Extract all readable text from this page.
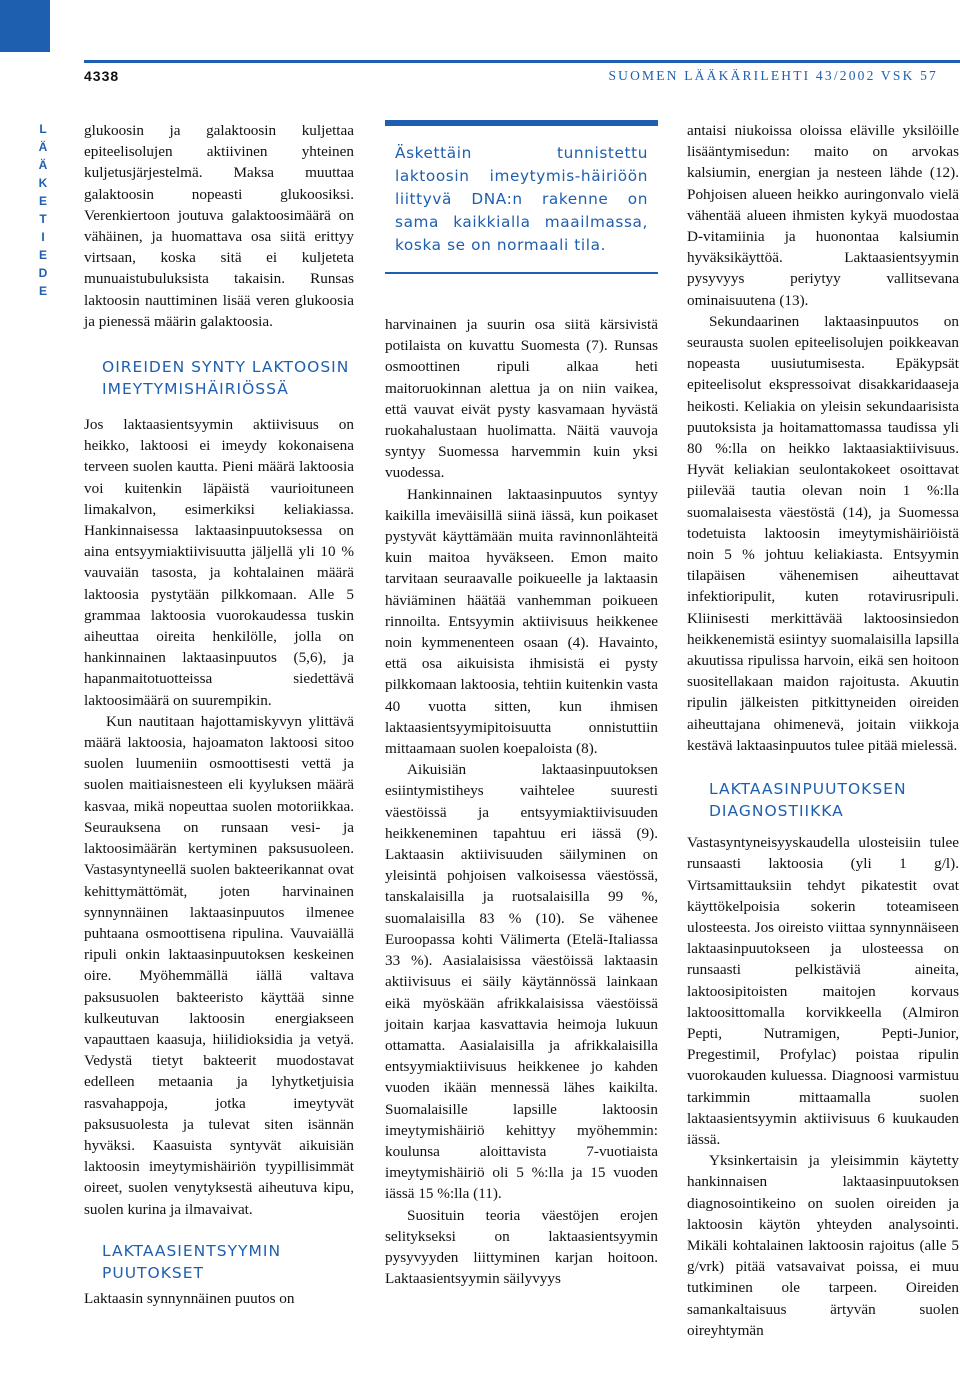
4338	SUOMEN LÄÄKÄRILEHTI 43/2002 VSK 57
L
Ä
Ä
K
E
T
I
E
D
E

glukoosin ja galaktoosin kuljettaa epiteelisolujen aktiivinen yhteinen kuljetusjärjestelmä. Maksa muuttaa galaktoosin nopeasti glukoosiksi. Verenkiertoon joutuva galaktoosimäärä on vähäinen, ja huomattava osa siitä erittyy virtsaan, koska sitä ei kuljeteta munuaistubuluksista takaisin. Runsas laktoosin nauttiminen lisää veren glukoosia ja pienessä määrin galaktoosia.

OIREIDEN SYNTY LAKTOOSIN IMEYTYMISHÄIRIÖSSÄ

Jos laktaasientsyymin aktiivisuus on heikko, laktoosi ei imeydy kokonaisena terveen suolen kautta. Pieni määrä laktoosia voi kuitenkin läpäistä vaurioituneen limakalvon, esimerkiksi keliakiassa. Hankinnaisessa laktaasinpuutoksessa on aina entsyymiaktiivisuutta jäljellä yli 10 % vauvaiän tasosta, ja kohtalainen määrä laktoosia pystytään pilkkomaan. Alle 5 grammaa laktoosia vuorokaudessa tuskin aiheuttaa oireita henkilölle, jolla on hankinnainen laktaasinpuutos (5,6), ja hapanmaitotuotteissa siedettävä laktoosimäärä on suurempikin.

Kun nautitaan hajottamiskyvyn ylittävä määrä laktoosia, hajoamaton laktoosi sitoo suolen luumeniin osmoottisesti vettä ja suolen maitiaisnesteen eli kyyluksen määrä kasvaa, mikä nopeuttaa suolen motoriikkaa. Seurauksena on runsaan vesi- ja laktoosimäärän kertyminen paksusuoleen. Vastasyntyneellä suolen bakteerikannat ovat kehittymättömät, joten harvinainen synnynnäinen laktaasinpuutos ilmenee puhtaana osmoottisena ripulina. Vauvaiällä ripuli onkin laktaasinpuutoksen keskeinen oire. Myöhemmällä iällä valtava paksusuolen bakteeristo käyttää sinne kulkeutuvan laktoosin energiakseen vapauttaen kaasuja, hiilidioksidia ja vetyä. Vedystä tietyt bakteerit muodostavat edelleen metaania ja lyhytketjuisia rasvahappoja, jotka imeytyvät paksusuolesta ja tulevat siten isännän hyväksi. Kaasuista syntyvät aikuisiän laktoosin imeytymishäiriön tyypillisimmät oireet, suolen venytyksestä aiheutuva kipu, suolen kurina ja ilmavaivat.

LAKTAASIENTSYYMIN PUUTOKSET

Laktaasin synnynnäinen puutos on

Äskettäin tunnistettu laktoosin imeytymis-häiriöön liittyvä DNA:n rakenne on sama kaikkialla maailmassa, koska se on normaali tila.

harvinainen ja suurin osa siitä kärsivistä potilaista on kuvattu Suomesta (7). Runsas osmoottinen ripuli alkaa heti maitoruokinnan alettua ja on niin vaikea, että vauvat eivät pysty kasvamaan hyvästä ruokahalustaan huolimatta. Näitä vauvoja syntyy Suomessa harvemmin kuin yksi vuodessa.

Hankinnainen laktaasinpuutos syntyy kaikilla imeväisillä siinä iässä, kun poikaset pystyvät käyttämään muita ravinnonlähteitä kuin maitoa hyväkseen. Emon maito tarvitaan seuraavalle poikueelle ja laktaasin häviäminen häätää vanhemman poikueen rinnoilta. Entsyymin aktiivisuus heikkenee noin kymmenenteen osaan (4). Havainto, että osa aikuisista ihmisistä ei pysty pilkkomaan laktoosia, tehtiin kuitenkin vasta 40 vuotta sitten, kun ihmisen laktaasientsyymipitoisuutta onnistuttiin mittaamaan suolen koepaloista (8).

Aikuisiän laktaasinpuutoksen esiintymistiheys vaihtelee suuresti väestöissä ja entsyymiaktiivisuuden heikkeneminen tapahtuu eri iässä (9). Laktaasin aktiivisuuden säilyminen on yleisintä pohjoisen valkoisessa väestössä, tanskalaisilla ja ruotsalaisilla 99 %, suomalaisilla 83 % (10). Se vähenee Euroopassa kohti Välimerta (Etelä-Italiassa 33 %). Aasialaisissa väestöissä laktaasin aktiivisuus ei säily käytännössä lainkaan eikä myöskään afrikkalaisissa väestöissä joitain karjaa kasvattavia heimoja lukuun ottamatta. Aasialaisilla ja afrikkalaisilla entsyymiaktiivisuus heikkenee jo kahden vuoden ikään mennessä lähes kaikilta. Suomalaisille lapsille laktoosin imeytymishäiriö kehittyy myöhemmin: koulunsa aloittavista 7-vuotiaista imeytymishäiriö oli 5 %:lla ja 15 vuoden iässä 15 %:lla (11).

Suosituin teoria väestöjen erojen selitykseksi on laktaasientsyymin pysyvyyden liittyminen karjan hoitoon. Laktaasientsyymin säilyvyys

antaisi niukoissa oloissa eläville yksilöille lisääntymisedun: maito on arvokas kalsiumin, energian ja nesteen lähde (12). Pohjoisen alueen heikko auringonvalo vielä vähentää alueen ihmisten kykyä muodostaa D-vitamiinia ja huonontaa kalsiumin hyväksikäyttöä. Laktaasientsyymin pysyvyys periytyy vallitsevana ominaisuutena (13).

Sekundaarinen laktaasinpuutos on seurausta suolen epiteelisolujen poikkeavan nopeasta uusiutumisesta. Epäkypsät epiteelisolut ekspressoivat disakkaridaaseja heikosti. Keliakia on yleisin sekundaarisista puutoksista ja hoitamattomassa taudissa yli 80 %:lla on heikko laktaasiaktiivisuus. Hyvät keliakian seulontakokeet osoittavat piilevää tautia olevan noin 1 %:lla suomalaisesta väestöstä (14), ja Suomessa todetuista laktoosin imeytymishäiriöistä noin 5 % johtuu keliakiasta. Entsyymin tilapäisen vähenemisen aiheuttavat infektioripulit, kuten rotavirusripuli. Kliinisesti merkittävää laktoosinsiedon heikkenemistä esiintyy suomalaisilla lapsilla akuutissa ripulissa harvoin, eikä sen hoitoon suositellakaan maidon rajoitusta. Akuutin ripulin jälkeisten pitkittyneiden oireiden aiheuttajana ohimenevä, joitain viikkoja kestävä laktaasinpuutos tulee pitää mielessä.

LAKTAASINPUUTOKSEN DIAGNOSTIIKKA

Vastasyntyneisyyskaudella ulosteisiin tulee runsaasti laktoosia (yli 1 g/l). Virtsamittauksiin tehdyt pikatestit ovat käyttökelpoisia sokerin toteamiseen ulosteesta. Jos oireisto viittaa synnynnäiseen laktaasinpuutokseen ja ulosteessa on runsaasti pelkistäviä aineita, laktoosipitoisten maitojen korvaus laktoosittomalla korvikkeella (Almiron Pepti, Nutramigen, Pepti-Junior, Pregestimil, Profylac) poistaa ripulin vuorokauden kuluessa. Diagnoosi varmistuu tarkimmin mittaamalla suolen laktaasientsyymin aktiivisuus 6 kuukauden iässä.

Yksinkertaisin ja yleisimmin käytetty hankinnaisen laktaasinpuutoksen diagnosointikeino on suolen oireiden ja laktoosin käytön yhteyden analysointi. Mikäli kohtalainen laktoosin rajoitus (alle 5 g/vrk) pitää vatsavaivat poissa, ei muu tutkiminen ole tarpeen. Oireiden samankaltaisuus ärtyvän suolen oireyhtymän
